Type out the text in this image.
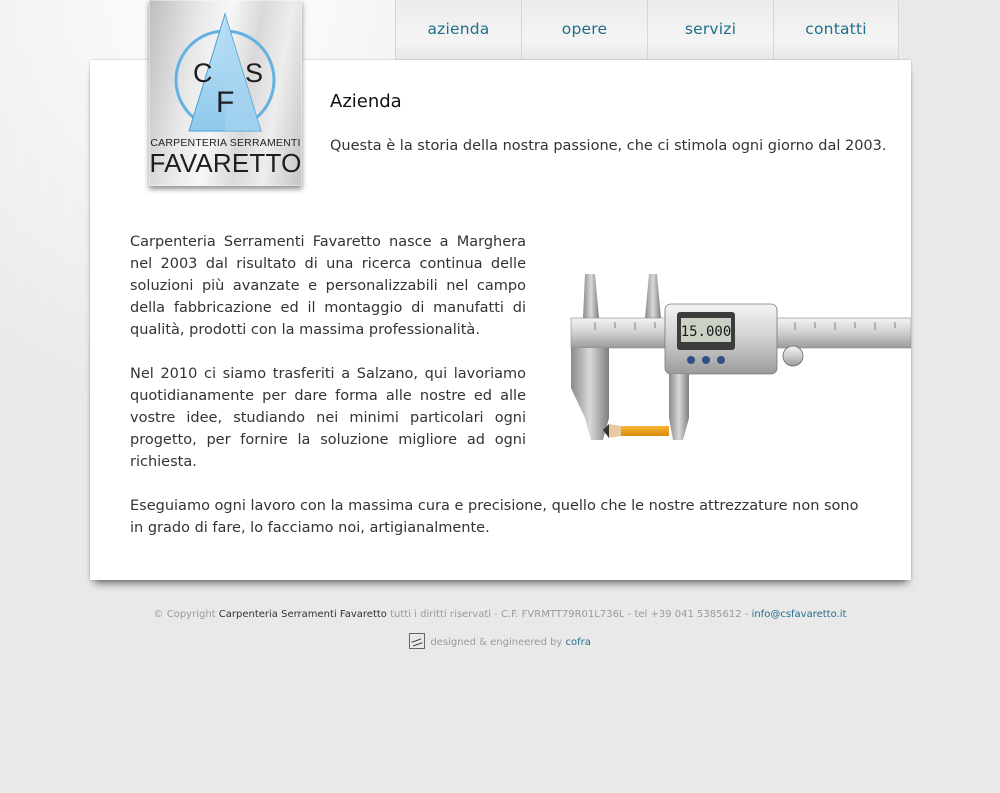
azienda	opere	servizi	contatti
C S
F
CARPENTERIA SERRAMENTI
FAVARETTO
Azienda

Questa è la storia della nostra passione, che ci stimola ogni giorno dal 2003.

Carpenteria Serramenti Favaretto nasce a Marghera nel 2003 dal risultato di una ricerca continua delle soluzioni più avanzate e personalizzabili nel campo della fabbricazione ed il montaggio di manufatti di qualità, prodotti con la massima professionalità.

Nel 2010 ci siamo trasferiti a Salzano, qui lavoriamo quotidianamente per dare forma alle nostre ed alle vostre idee, studiando nei minimi particolari ogni progetto, per fornire la soluzione migliore ad ogni richiesta.

15.000

Eseguiamo ogni lavoro con la massima cura e precisione, quello che le nostre attrezzature non sono in grado di fare, lo facciamo noi, artigianalmente.

© Copyright Carpenteria Serramenti Favaretto tutti i diritti riservati - C.F. FVRMTT79R01L736L - tel +39 041 5385612 - info@csfavaretto.it
designed & engineered by cofra
